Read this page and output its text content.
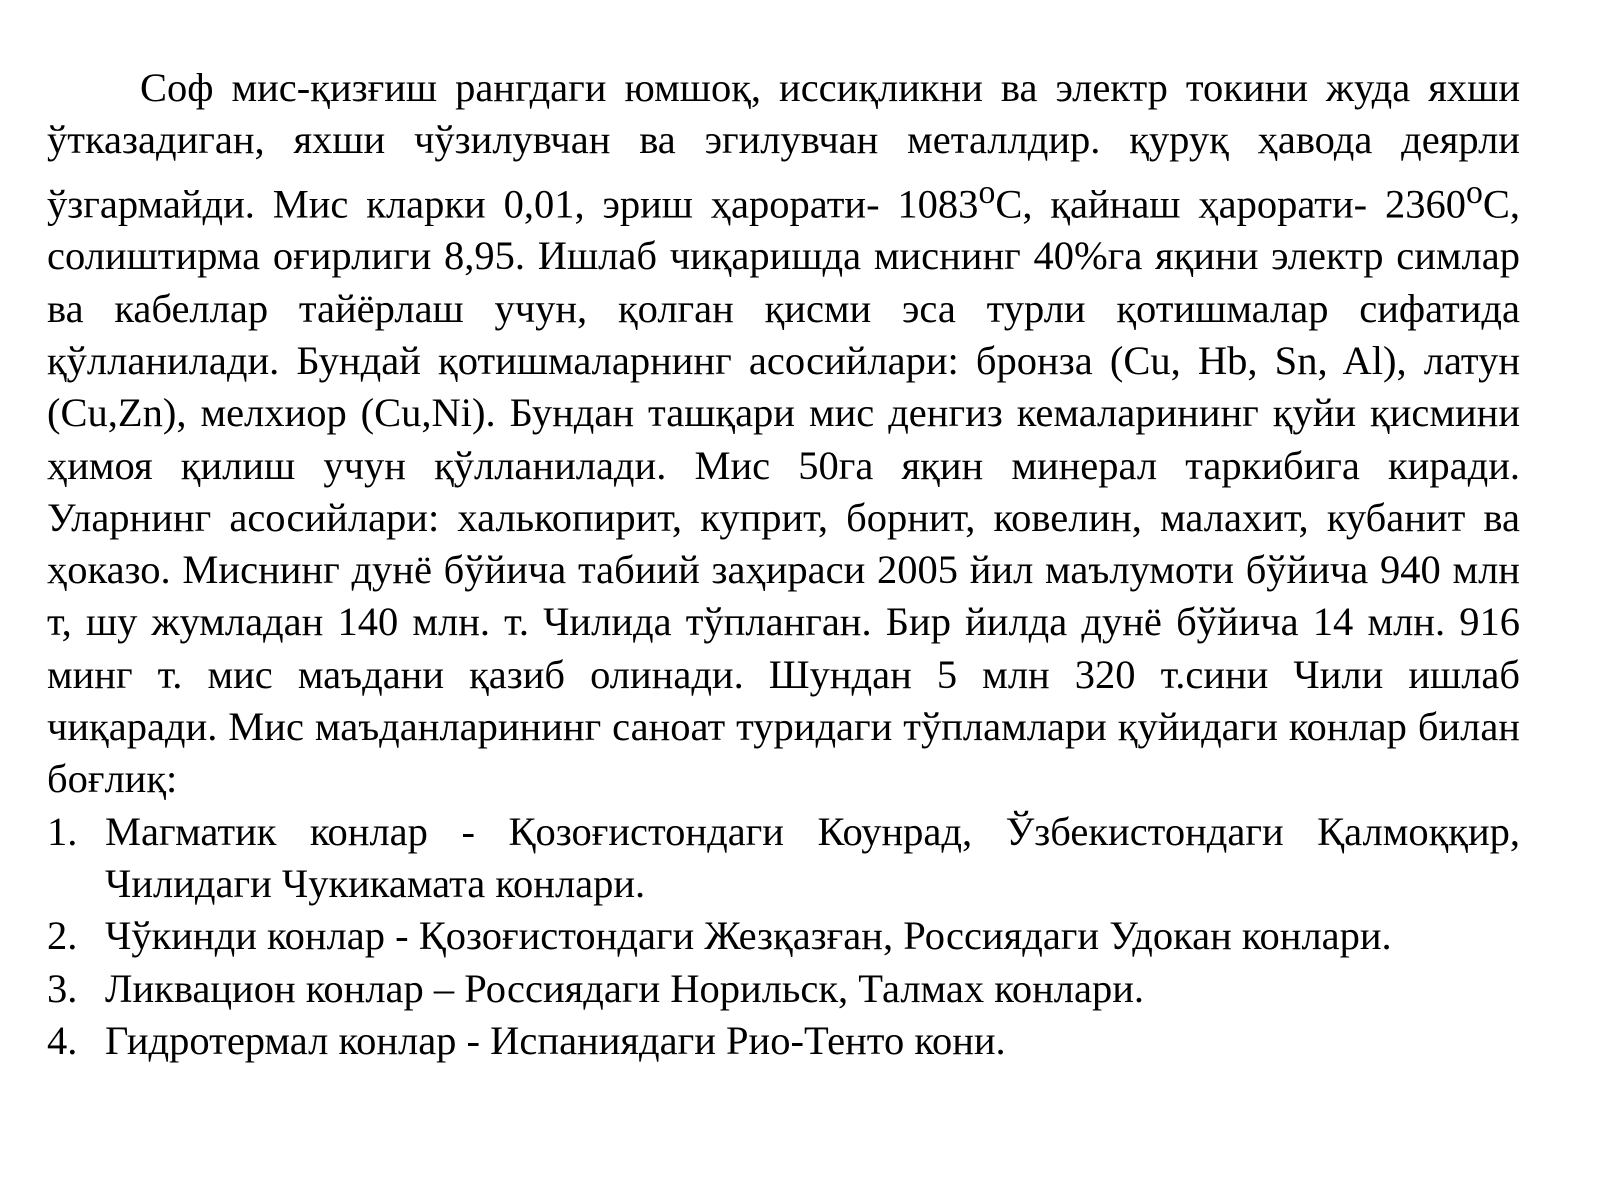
Соф мис-қизғиш рангдаги юмшоқ, иссиқликни ва электр токини жуда яхши ўтказадиган, яхши чўзилувчан ва эгилувчан металлдир. қуруқ ҳавода деярли ўзгармайди. Мис кларки 0,01, эриш ҳарорати- $1083^оС$, қайнаш ҳарорати- $2360^оС$, солиштирма оғирлиги 8,95. Ишлаб чиқаришда миснинг 40%га яқини электр симлар ва кабеллар тайёрлаш учун, қолган қисми эса турли қотишмалар сифатида қўлланилади. Бундай қотишмаларнинг асосийлари: бронза (Cu, Hb, Sn, Al), латун (Cu,Zn), мелхиор (Cu,Ni). Бундан ташқари мис денгиз кемаларининг қуйи қисмини ҳимоя қилиш учун қўлланилади. Мис 50га яқин минерал таркибига киради. Уларнинг асосийлари: халькопирит, куприт, борнит, ковелин, малахит, кубанит ва ҳоказо. Миснинг дунё бўйича табиий заҳираси 2005 йил маълумоти бўйича 940 млн т, шу жумладан 140 млн. т. Чилида тўпланган. Бир йилда дунё бўйича 14 млн. 916 минг т. мис маъдани қазиб олинади. Шундан 5 млн 320 т.сини Чили ишлаб чиқаради. Мис маъданларининг саноат туридаги тўпламлари қуйидаги конлар билан боғлиқ:

1. Магматик конлар - Қозоғистондаги Коунрад, Ўзбекистондаги Қалмоққир, Чилидаги Чукикамата конлари.
2. Чўкинди конлар - Қозоғистондаги Жезқазған, Россиядаги Удокан конлари.
3. Ликвацион конлар – Россиядаги Норильск, Талмах конлари.
4. Гидротермал конлар - Испаниядаги Рио-Тенто кони.
